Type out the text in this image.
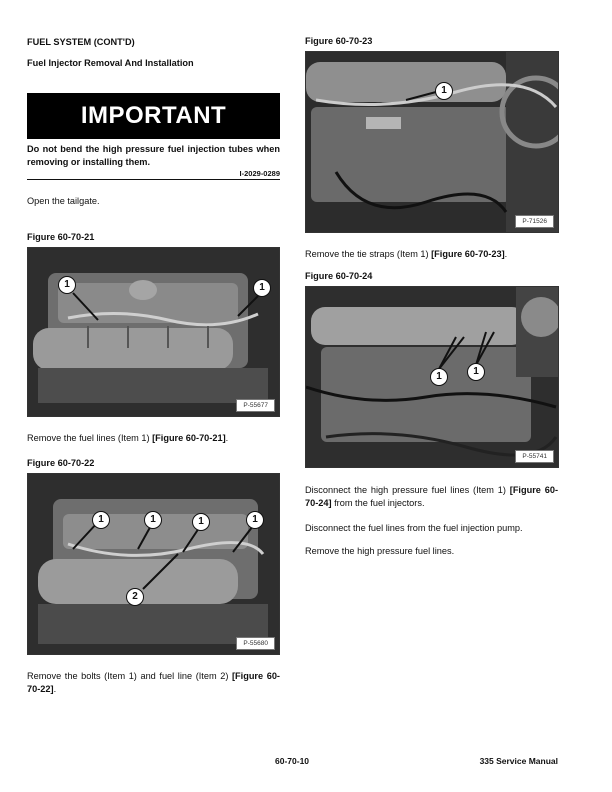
FUEL SYSTEM (CONT'D)
Fuel Injector Removal And Installation
IMPORTANT
Do not bend the high pressure fuel injection tubes when removing or installing them.
I-2029-0289
Open the tailgate.
Figure 60-70-21
1	1
P-55677
Remove the fuel lines (Item 1) [Figure 60-70-21].
Figure 60-70-22
1	1	1	1
2
P-55680
Remove the bolts (Item 1) and fuel line (Item 2) [Figure 60-70-22].
Figure 60-70-23
1
P-71526
Remove the tie straps (Item 1) [Figure 60-70-23].
Figure 60-70-24
1	1
P-55741
Disconnect the high pressure fuel lines (Item 1) [Figure 60-70-24] from the fuel injectors.
Disconnect the fuel lines from the fuel injection pump.
Remove the high pressure fuel lines.
60-70-10	335 Service Manual
